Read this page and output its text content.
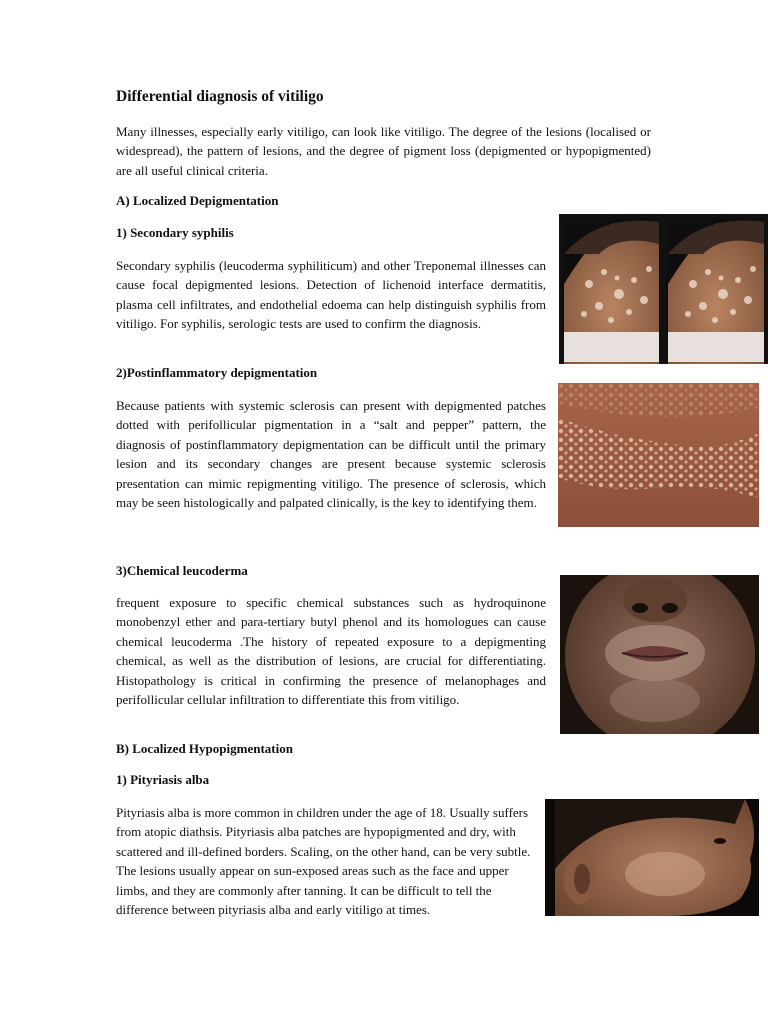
Differential diagnosis of vitiligo
Many illnesses, especially early vitiligo, can look like vitiligo. The degree of the lesions (localised or widespread), the pattern of lesions, and the degree of pigment loss (depigmented or hypopigmented) are all useful clinical criteria.
A) Localized Depigmentation
1) Secondary syphilis
Secondary syphilis (leucoderma syphiliticum) and other Treponemal illnesses can cause focal depigmented lesions. Detection of lichenoid interface dermatitis, plasma cell infiltrates, and endothelial edoema can help distinguish syphilis from vitiligo. For syphilis, serologic tests are used to confirm the diagnosis.
2)Postinflammatory depigmentation
Because patients with systemic sclerosis can present with depigmented patches dotted with perifollicular pigmentation in a “salt and pepper” pattern, the diagnosis of postinflammatory depigmentation can be difficult until the primary lesion and its secondary changes are present because systemic sclerosis presentation can mimic repigmenting vitiligo. The presence of sclerosis, which may be seen histologically and palpated clinically, is the key to identifying them.
3)Chemical leucoderma
frequent exposure to specific chemical substances such as hydroquinone monobenzyl ether and para-tertiary butyl phenol and its homologues can cause chemical leucoderma .The history of repeated exposure to a depigmenting chemical, as well as the distribution of lesions, are crucial for differentiating. Histopathology is critical in confirming the presence of melanophages and perifollicular cellular infiltration to differentiate this from vitiligo.
B) Localized Hypopigmentation
1) Pityriasis alba
Pityriasis alba is more common in children under the age of 18. Usually suffers from atopic diathsis. Pityriasis alba patches are hypopigmented and dry, with scattered and ill-defined borders. Scaling, on the other hand, can be very subtle. The lesions usually appear on sun-exposed areas such as the face and upper limbs, and they are commonly after tanning. It can be difficult to tell the difference between pityriasis alba and early vitiligo at times.
